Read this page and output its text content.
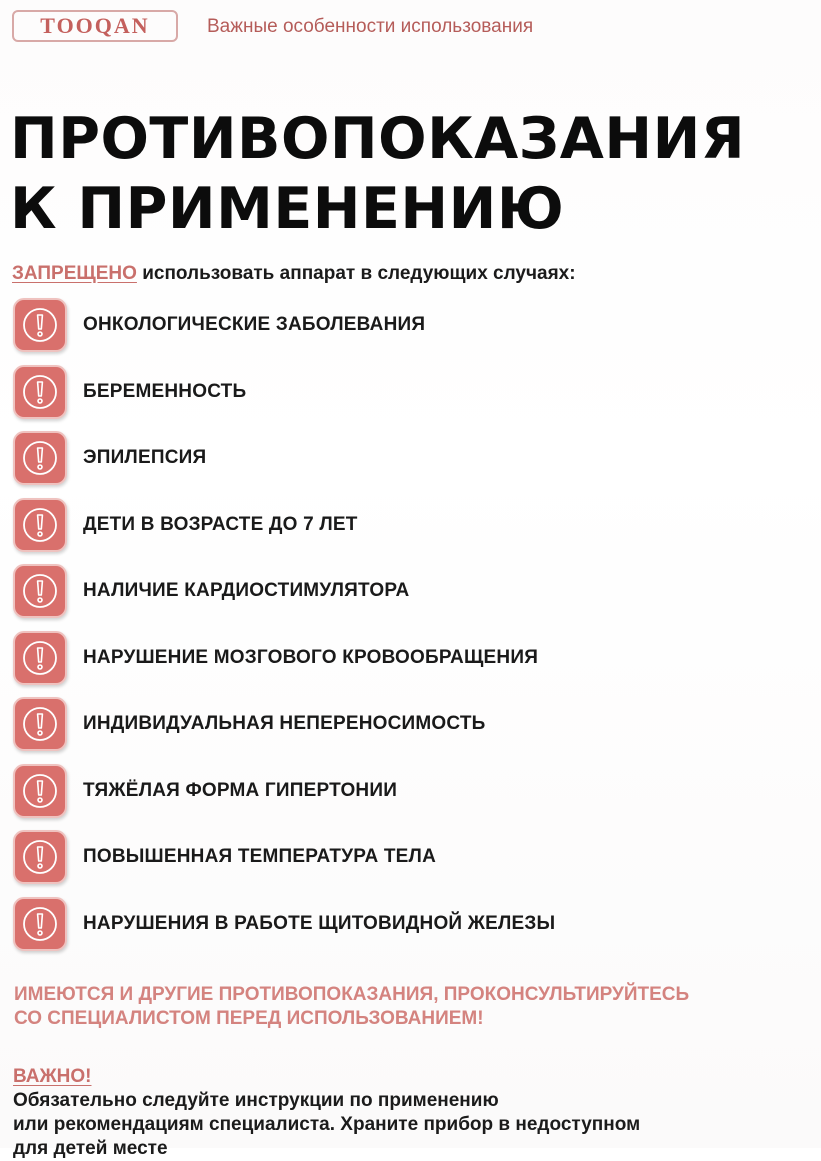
TOOQAN	Важные особенности использования
ПРОТИВОПОКАЗАНИЯ
К ПРИМЕНЕНИЮ
ЗАПРЕЩЕНО использовать аппарат в следующих случаях:
ОНКОЛОГИЧЕСКИЕ ЗАБОЛЕВАНИЯ
БЕРЕМЕННОСТЬ
ЭПИЛЕПСИЯ
ДЕТИ В ВОЗРАСТЕ ДО 7 ЛЕТ
НАЛИЧИЕ КАРДИОСТИМУЛЯТОРА
НАРУШЕНИЕ МОЗГОВОГО КРОВООБРАЩЕНИЯ
ИНДИВИДУАЛЬНАЯ НЕПЕРЕНОСИМОСТЬ
ТЯЖЁЛАЯ ФОРМА ГИПЕРТОНИИ
ПОВЫШЕННАЯ ТЕМПЕРАТУРА ТЕЛА
НАРУШЕНИЯ В РАБОТЕ ЩИТОВИДНОЙ ЖЕЛЕЗЫ

ИМЕЮТСЯ И ДРУГИЕ ПРОТИВОПОКАЗАНИЯ, ПРОКОНСУЛЬТИРУЙТЕСЬ
СО СПЕЦИАЛИСТОМ ПЕРЕД ИСПОЛЬЗОВАНИЕМ!

ВАЖНО!
Обязательно следуйте инструкции по применению
или рекомендациям специалиста. Храните прибор в недоступном
для детей месте
